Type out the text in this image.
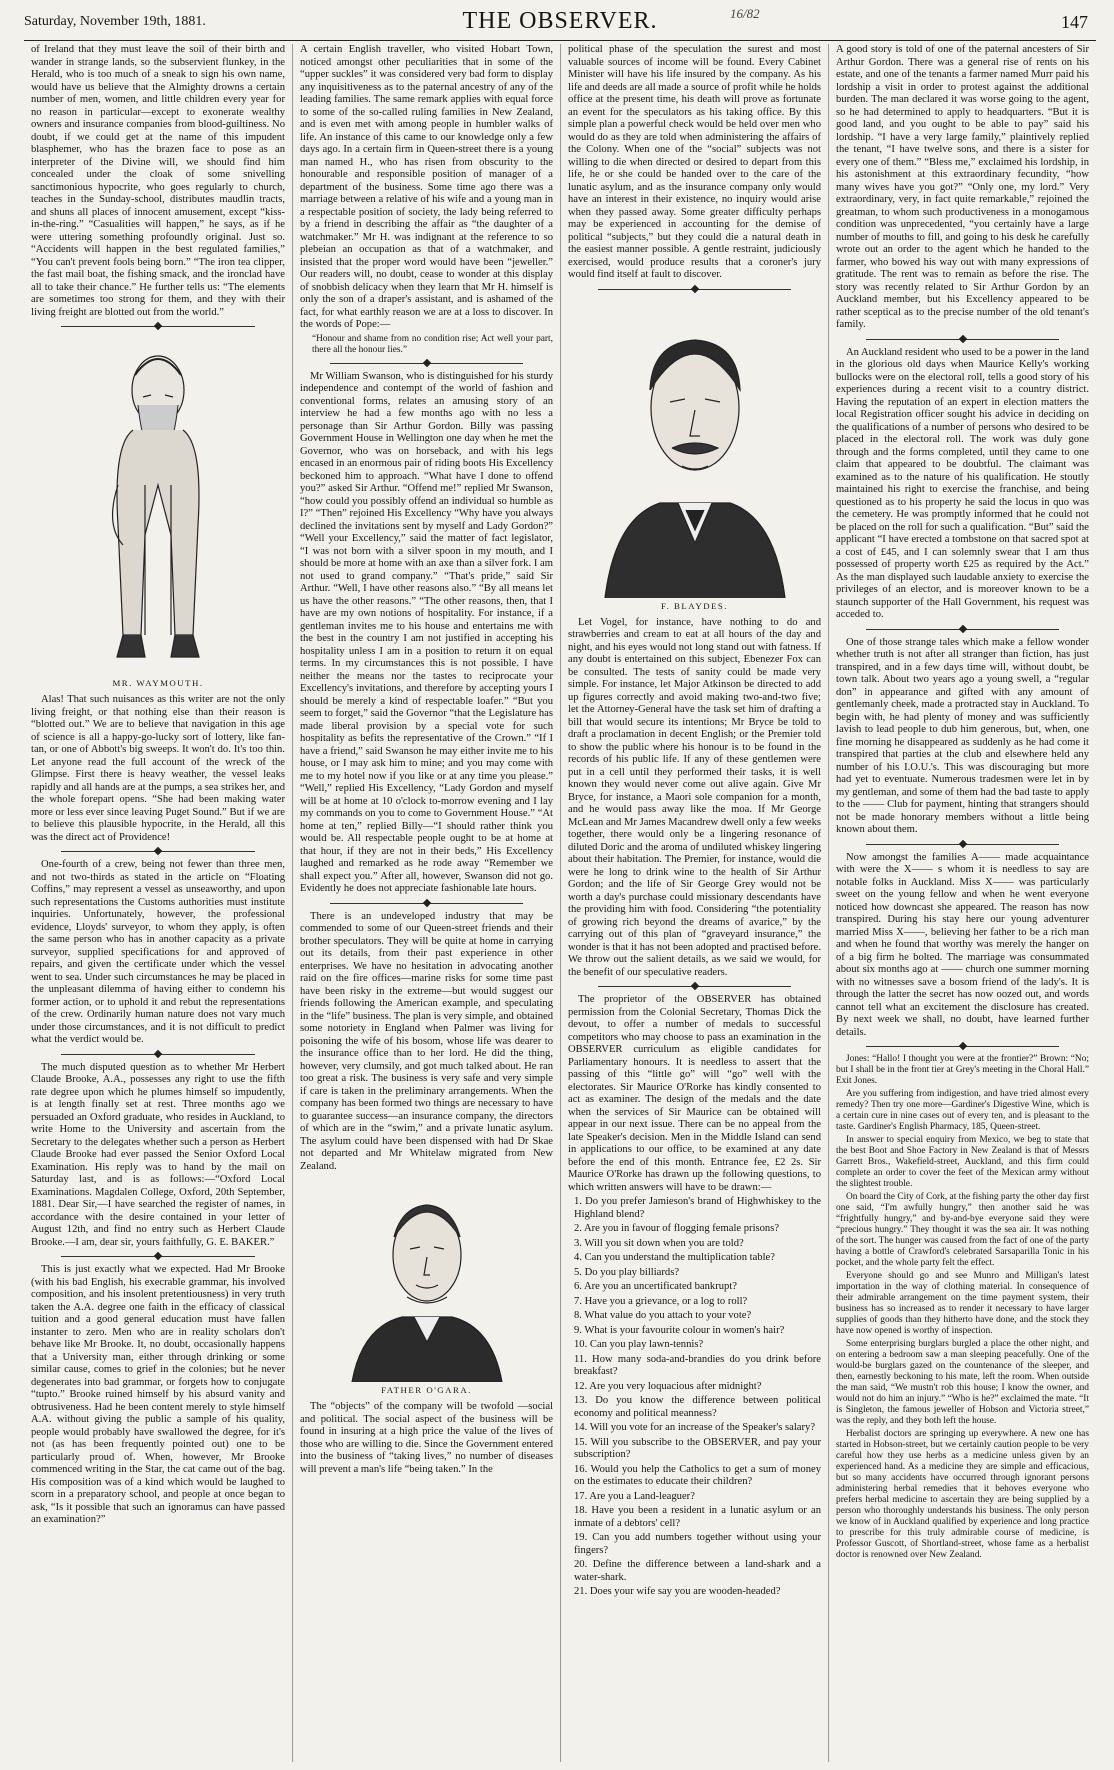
Saturday, November 19th, 1881.	THE OBSERVER.	16/82	147

of Ireland that they must leave the soil of their birth and wander in strange lands, so the subservient flunkey, in the Herald, who is too much of a sneak to sign his own name, would have us believe that the Almighty drowns a certain number of men, women, and little children every year for no reason in particular—except to exonerate wealthy owners and insurance companies from blood-guiltiness. No doubt, if we could get at the name of this impudent blasphemer, who has the brazen face to pose as an interpreter of the Divine will, we should find him concealed under the cloak of some snivelling sanctimonious hypocrite, who goes regularly to church, teaches in the Sunday-school, distributes maudlin tracts, and shuns all places of innocent amusement, except “kiss-in-the-ring.” “Casualities will happen,” he says, as if he were uttering something profoundly original. Just so. “Accidents will happen in the best regulated families,” “You can't prevent fools being born.” “The iron tea clipper, the fast mail boat, the fishing smack, and the ironclad have all to take their chance.” He further tells us: “The elements are sometimes too strong for them, and they with their living freight are blotted out from the world.”

MR. WAYMOUTH.

Alas! That such nuisances as this writer are not the only living freight, or that nothing else than their reason is “blotted out.” We are to believe that navigation in this age of science is all a happy-go-lucky sort of lottery, like fan-tan, or one of Abbott's big sweeps. It won't do. It's too thin. Let anyone read the full account of the wreck of the Glimpse. First there is heavy weather, the vessel leaks rapidly and all hands are at the pumps, a sea strikes her, and the whole forepart opens. “She had been making water more or less ever since leaving Puget Sound.” But if we are to believe this plausible hypocrite, in the Herald, all this was the direct act of Providence!

One-fourth of a crew, being not fewer than three men, and not two-thirds as stated in the article on “Floating Coffins,” may represent a vessel as unseaworthy, and upon such representations the Customs authorities must institute inquiries. Unfortunately, however, the professional evidence, Lloyds' surveyor, to whom they apply, is often the same person who has in another capacity as a private surveyor, supplied specifications for and approved of repairs, and given the certificate under which the vessel went to sea. Under such circumstances he may be placed in the unpleasant dilemma of having either to condemn his former action, or to uphold it and rebut the representations of the crew. Ordinarily human nature does not vary much under those circumstances, and it is not difficult to predict what the verdict would be.

The much disputed question as to whether Mr Herbert Claude Brooke, A.A., possesses any right to use the fifth rate degree upon which he plumes himself so impudently, is at length finally set at rest. Three months ago we persuaded an Oxford graduate, who resides in Auckland, to write Home to the University and ascertain from the Secretary to the delegates whether such a person as Herbert Claude Brooke had ever passed the Senior Oxford Local Examination. His reply was to hand by the mail on Saturday last, and is as follows:—“Oxford Local Examinations. Magdalen College, Oxford, 20th September, 1881. Dear Sir,—I have searched the register of names, in accordance with the desire contained in your letter of August 12th, and find no entry such as Herbert Claude Brooke.—I am, dear sir, yours faithfully, G. E. BAKER.”

This is just exactly what we expected. Had Mr Brooke (with his bad English, his execrable grammar, his involved composition, and his insolent pretentiousness) in very truth taken the A.A. degree one faith in the efficacy of classical tuition and a good general education must have fallen instanter to zero. Men who are in reality scholars don't behave like Mr Brooke. It, no doubt, occasionally happens that a University man, either through drinking or some similar cause, comes to grief in the colonies; but he never degenerates into bad grammar, or forgets how to conjugate “tupto.” Brooke ruined himself by his absurd vanity and obtrusiveness. Had he been content merely to style himself A.A. without giving the public a sample of his quality, people would probably have swallowed the degree, for it's not (as has been frequently pointed out) one to be particularly proud of. When, however, Mr Brooke commenced writing in the Star, the cat came out of the bag. His composition was of a kind which would be laughed to scorn in a preparatory school, and people at once began to ask, “Is it possible that such an ignoramus can have passed an examination?”

A certain English traveller, who visited Hobart Town, noticed amongst other peculiarities that in some of the “upper suckles” it was considered very bad form to display any inquisitiveness as to the paternal ancestry of any of the leading families. The same remark applies with equal force to some of the so-called ruling families in New Zealand, and is even met with among people in humbler walks of life. An instance of this came to our knowledge only a few days ago. In a certain firm in Queen-street there is a young man named H., who has risen from obscurity to the honourable and responsible position of manager of a department of the business. Some time ago there was a marriage between a relative of his wife and a young man in a respectable position of society, the lady being referred to by a friend in describing the affair as “the daughter of a watchmaker.” Mr H. was indignant at the reference to so plebeian an occupation as that of a watchmaker, and insisted that the proper word would have been “jeweller.” Our readers will, no doubt, cease to wonder at this display of snobbish delicacy when they learn that Mr H. himself is only the son of a draper's assistant, and is ashamed of the fact, for what earthly reason we are at a loss to discover. In the words of Pope:—

“Honour and shame from no condition rise; Act well your part, there all the honour lies.”

Mr William Swanson, who is distinguished for his sturdy independence and contempt of the world of fashion and conventional forms, relates an amusing story of an interview he had a few months ago with no less a personage than Sir Arthur Gordon. Billy was passing Government House in Wellington one day when he met the Governor, who was on horseback, and with his legs encased in an enormous pair of riding boots His Excellency beckoned him to approach. “What have I done to offend you?” asked Sir Arthur. “Offend me!” replied Mr Swanson, “how could you possibly offend an individual so humble as I?” “Then” rejoined His Excellency “Why have you always declined the invitations sent by myself and Lady Gordon?” “Well your Excellency,” said the matter of fact legislator, “I was not born with a silver spoon in my mouth, and I should be more at home with an axe than a silver fork. I am not used to grand company.” “That's pride,” said Sir Arthur. “Well, I have other reasons also.” “By all means let us have the other reasons.” “The other reasons, then, that I have are my own notions of hospitality. For instance, if a gentleman invites me to his house and entertains me with the best in the country I am not justified in accepting his hospitality unless I am in a position to return it on equal terms. In my circumstances this is not possible. I have neither the means nor the tastes to reciprocate your Excellency's invitations, and therefore by accepting yours I should be merely a kind of respectable loafer.” “But you seem to forget,” said the Governor “that the Legislature has made liberal provision by a special vote for such hospitality as befits the representative of the Crown.” “If I have a friend,” said Swanson he may either invite me to his house, or I may ask him to mine; and you may come with me to my hotel now if you like or at any time you please.” “Well,” replied His Excellency, “Lady Gordon and myself will be at home at 10 o'clock to-morrow evening and I lay my commands on you to come to Government House.” “At home at ten,” replied Billy—“I should rather think you would be. All respectable people ought to be at home at that hour, if they are not in their beds,” His Excellency laughed and remarked as he rode away “Remember we shall expect you.” After all, however, Swanson did not go. Evidently he does not appreciate fashionable late hours.

There is an undeveloped industry that may be commended to some of our Queen-street friends and their brother speculators. They will be quite at home in carrying out its details, from their past experience in other enterprises. We have no hesitation in advocating another raid on the fire offices—marine risks for some time past have been risky in the extreme—but would suggest our friends following the American example, and speculating in the “life” business. The plan is very simple, and obtained some notoriety in England when Palmer was living for poisoning the wife of his bosom, whose life was dearer to the insurance office than to her lord. He did the thing, however, very clumsily, and got much talked about. He ran too great a risk. The business is very safe and very simple if care is taken in the preliminary arrangements. When the company has been formed two things are necessary to have to guarantee success—an insurance company, the directors of which are in the “swim,” and a private lunatic asylum. The asylum could have been dispensed with had Dr Skae not departed and Mr Whitelaw migrated from New Zealand.

FATHER O'GARA.

The “objects” of the company will be twofold —social and political. The social aspect of the business will be found in insuring at a high price the value of the lives of those who are willing to die. Since the Government entered into the business of “taking lives,” no number of diseases will prevent a man's life “being taken.” In the

political phase of the speculation the surest and most valuable sources of income will be found. Every Cabinet Minister will have his life insured by the company. As his life and deeds are all made a source of profit while he holds office at the present time, his death will prove as fortunate an event for the speculators as his taking office. By this simple plan a powerful check would be held over men who would do as they are told when administering the affairs of the Colony. When one of the “social” subjects was not willing to die when directed or desired to depart from this life, he or she could be handed over to the care of the lunatic asylum, and as the insurance company only would have an interest in their existence, no inquiry would arise when they passed away. Some greater difficulty perhaps may be experienced in accounting for the demise of political “subjects,” but they could die a natural death in the easiest manner possible. A gentle restraint, judiciously exercised, would produce results that a coroner's jury would find itself at fault to discover.

F. BLAYDES.

Let Vogel, for instance, have nothing to do and strawberries and cream to eat at all hours of the day and night, and his eyes would not long stand out with fatness. If any doubt is entertained on this subject, Ebenezer Fox can be consulted. The tests of sanity could be made very simple. For instance, let Major Atkinson be directed to add up figures correctly and avoid making two-and-two five; let the Attorney-General have the task set him of drafting a bill that would secure its intentions; Mr Bryce be told to draft a proclamation in decent English; or the Premier told to show the public where his honour is to be found in the records of his public life. If any of these gentlemen were put in a cell until they performed their tasks, it is well known they would never come out alive again. Give Mr Bryce, for instance, a Maori sole companion for a month, and he would pass away like the moa. If Mr George McLean and Mr James Macandrew dwell only a few weeks together, there would only be a lingering resonance of diluted Doric and the aroma of undiluted whiskey lingering about their habitation. The Premier, for instance, would die were he long to drink wine to the health of Sir Arthur Gordon; and the life of Sir George Grey would not be worth a day's purchase could missionary descendants have the providing him with food. Considering “the potentiality of growing rich beyond the dreams of avarice,” by the carrying out of this plan of “graveyard insurance,” the wonder is that it has not been adopted and practised before. We throw out the salient details, as we said we would, for the benefit of our speculative readers.

The proprietor of the OBSERVER has obtained permission from the Colonial Secretary, Thomas Dick the devout, to offer a number of medals to successful competitors who may choose to pass an examination in the OBSERVER curriculum as eligible candidates for Parliamentary honours. It is needless to assert that the passing of this “little go” will “go” well with the electorates. Sir Maurice O'Rorke has kindly consented to act as examiner. The design of the medals and the date when the services of Sir Maurice can be obtained will appear in our next issue. There can be no appeal from the late Speaker's decision. Men in the Middle Island can send in applications to our office, to be examined at any date before the end of this month. Entrance fee, £2 2s. Sir Maurice O'Rorke has drawn up the following questions, to which written answers will have to be drawn:—

1. Do you prefer Jamieson's brand of Highwhiskey to the Highland blend?

2. Are you in favour of flogging female prisons?

3. Will you sit down when you are told?

4. Can you understand the multiplication table?

5. Do you play billiards?

6. Are you an uncertificated bankrupt?

7. Have you a grievance, or a log to roll?

8. What value do you attach to your vote?

9. What is your favourite colour in women's hair?

10. Can you play lawn-tennis?

11. How many soda-and-brandies do you drink before breakfast?

12. Are you very loquacious after midnight?

13. Do you know the difference between political economy and political meanness?

14. Will you vote for an increase of the Speaker's salary?

15. Will you subscribe to the OBSERVER, and pay your subscription?

16. Would you help the Catholics to get a sum of money on the estimates to educate their children?

17. Are you a Land-leaguer?

18. Have you been a resident in a lunatic asylum or an inmate of a debtors' cell?

19. Can you add numbers together without using your fingers?

20. Define the difference between a land-shark and a water-shark.

21. Does your wife say you are wooden-headed?

A good story is told of one of the paternal ancesters of Sir Arthur Gordon. There was a general rise of rents on his estate, and one of the tenants a farmer named Murr paid his lordship a visit in order to protest against the additional burden. The man declared it was worse going to the agent, so he had determined to apply to headquarters. “But it is good land, and you ought to be able to pay” said his lordship. “I have a very large family,” plaintively replied the tenant, “I have twelve sons, and there is a sister for every one of them.” “Bless me,” exclaimed his lordship, in his astonishment at this extraordinary fecundity, “how many wives have you got?” “Only one, my lord.” Very extraordinary, very, in fact quite remarkable,” rejoined the greatman, to whom such productiveness in a monogamous condition was unprecedented, “you certainly have a large number of mouths to fill, and going to his desk he carefully wrote out an order to the agent which he handed to the farmer, who bowed his way out with many expressions of gratitude. The rent was to remain as before the rise. The story was recently related to Sir Arthur Gordon by an Auckland member, but his Excellency appeared to be rather sceptical as to the precise number of the old tenant's family.

An Auckland resident who used to be a power in the land in the glorious old days when Maurice Kelly's working bullocks were on the electoral roll, tells a good story of his experiences during a recent visit to a country district. Having the reputation of an expert in election matters the local Registration officer sought his advice in deciding on the qualifications of a number of persons who desired to be placed in the electoral roll. The work was duly gone through and the forms completed, until they came to one claim that appeared to be doubtful. The claimant was examined as to the nature of his qualification. He stoutly maintained his right to exercise the franchise, and being questioned as to his property he said the locus in quo was the cemetery. He was promptly informed that he could not be placed on the roll for such a qualification. “But” said the applicant “I have erected a tombstone on that sacred spot at a cost of £45, and I can solemnly swear that I am thus possessed of property worth £25 as required by the Act.” As the man displayed such laudable anxiety to exercise the privileges of an elector, and is moreover known to be a staunch supporter of the Hall Government, his request was acceded to.

One of those strange tales which make a fellow wonder whether truth is not after all stranger than fiction, has just transpired, and in a few days time will, without doubt, be town talk. About two years ago a young swell, a “regular don” in appearance and gifted with any amount of gentlemanly cheek, made a protracted stay in Auckland. To begin with, he had plenty of money and was sufficiently lavish to lead people to dub him generous, but, when, one fine morning he disappeared as suddenly as he had come it transpired that parties at the club and elsewhere held any number of his I.O.U.'s. This was discouraging but more had yet to eventuate. Numerous tradesmen were let in by my gentleman, and some of them had the bad taste to apply to the —— Club for payment, hinting that strangers should not be made honorary members without a little being known about them.

Now amongst the families A—— made acquaintance with were the X—— s whom it is needless to say are notable folks in Auckland. Miss X—— was particularly sweet on the young fellow and when he went everyone noticed how downcast she appeared. The reason has now transpired. During his stay here our young adventurer married Miss X——, believing her father to be a rich man and when he found that worthy was merely the hanger on of a big firm he bolted. The marriage was consummated about six months ago at —— church one summer morning with no witnesses save a bosom friend of the lady's. It is through the latter the secret has now oozed out, and words cannot tell what an excitement the disclosure has created. By next week we shall, no doubt, have learned further details.

Jones: “Hallo! I thought you were at the frontier?” Brown: “No; but I shall be in the front tier at Grey's meeting in the Choral Hall.” Exit Jones.

Are you suffering from indigestion, and have tried almost every remedy? Then try one more—Gardiner's Digestive Wine, which is a certain cure in nine cases out of every ten, and is pleasant to the taste. Gardiner's English Pharmacy, 185, Queen-street.

In answer to special enquiry from Mexico, we beg to state that the best Boot and Shoe Factory in New Zealand is that of Messrs Garrett Bros., Wakefield-street, Auckland, and this firm could complete an order to cover the feet of the Mexican army without the slightest trouble.

On board the City of Cork, at the fishing party the other day first one said, “I'm awfully hungry,” then another said he was “frightfully hungry,” and by-and-bye everyone said they were “precious hungry.” They thought it was the sea air. It was nothing of the sort. The hunger was caused from the fact of one of the party having a bottle of Crawford's celebrated Sarsaparilla Tonic in his pocket, and the whole party felt the effect.

Everyone should go and see Munro and Milligan's latest importation in the way of clothing material. In consequence of their admirable arrangement on the time payment system, their business has so increased as to render it necessary to have larger supplies of goods than they hitherto have done, and the stock they have now opened is worthy of inspection.

Some enterprising burglars burgled a place the other night, and on entering a bedroom saw a man sleeping peacefully. One of the would-be burglars gazed on the countenance of the sleeper, and then, earnestly beckoning to his mate, left the room. When outside the man said, “We mustn't rob this house; I know the owner, and would not do him an injury.” “Who is he?” exclaimed the mate. “It is Singleton, the famous jeweller of Hobson and Victoria street,” was the reply, and they both left the house.

Herbalist doctors are springing up everywhere. A new one has started in Hobson-street, but we certainly caution people to be very careful how they use herbs as a medicine unless given by an experienced hand. As a medicine they are simple and efficacious, but so many accidents have occurred through ignorant persons administering herbal remedies that it behoves everyone who prefers herbal medicine to ascertain they are being supplied by a person who thoroughly understands his business. The only person we know of in Auckland qualified by experience and long practice to prescribe for this truly admirable course of medicine, is Professor Guscott, of Shortland-street, whose fame as a herbalist doctor is renowned over New Zealand.
